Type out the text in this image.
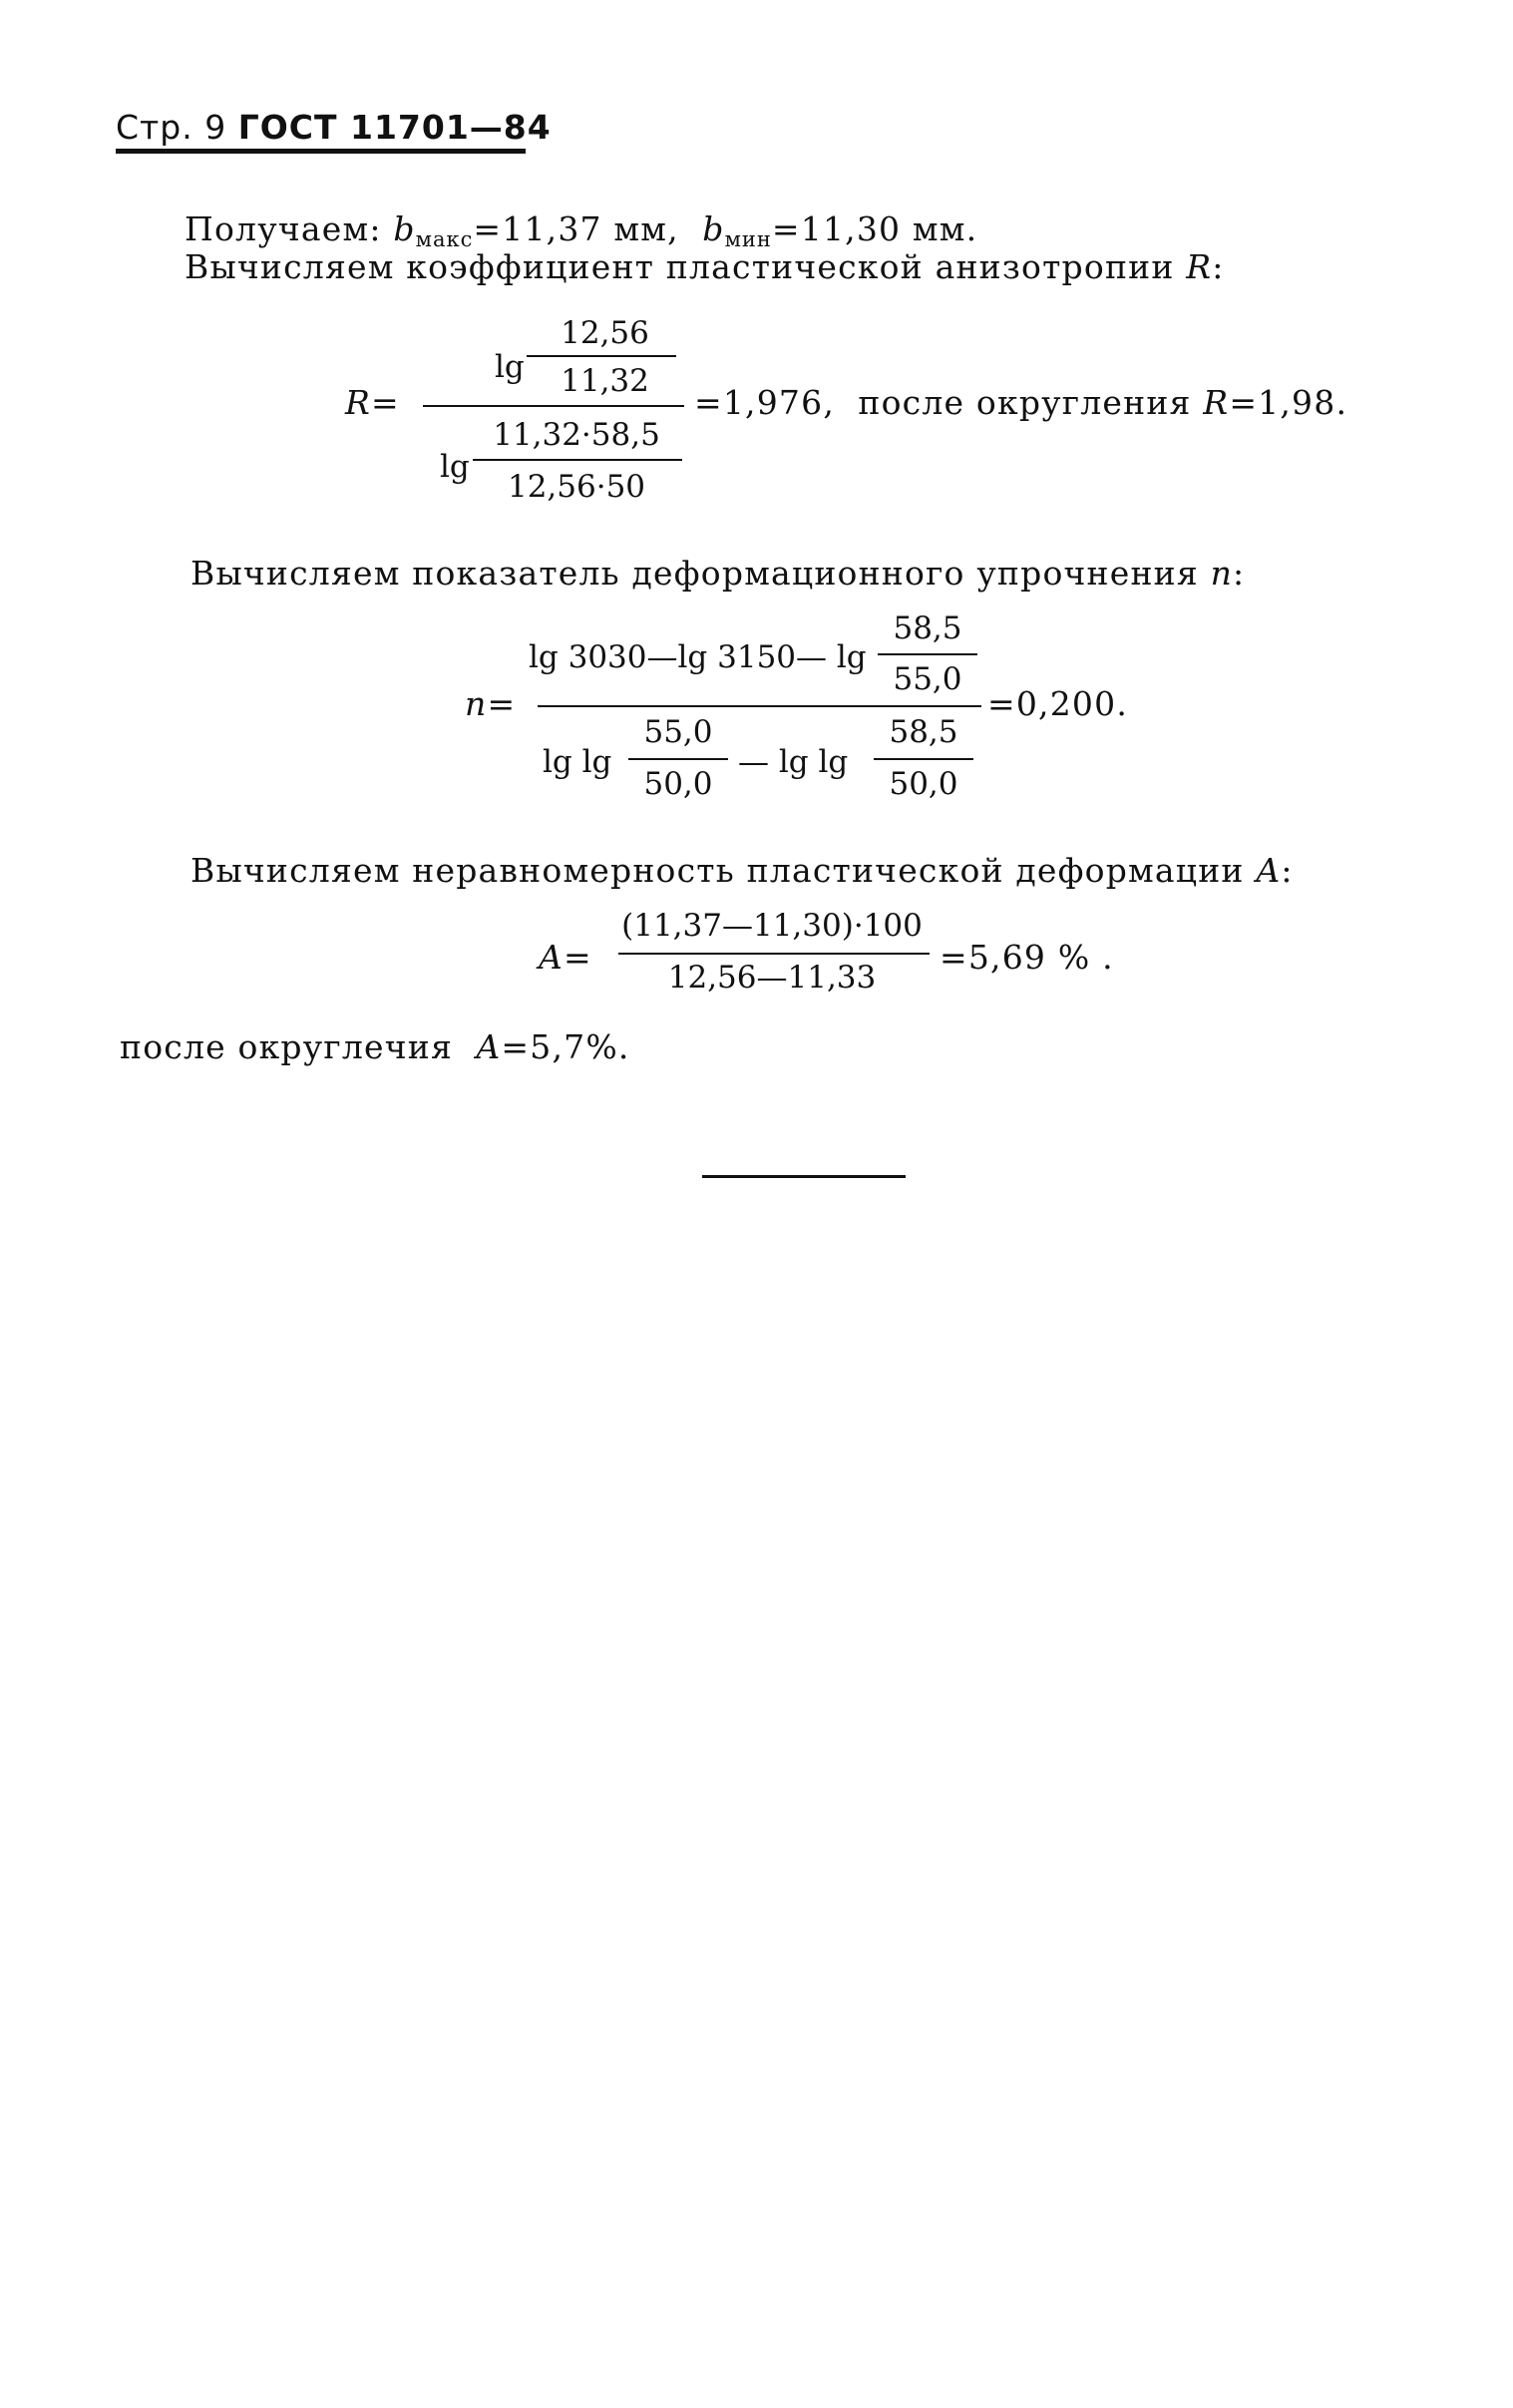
Стр. 9 ГОСТ 11701—84
Получаем: $b_{макс}=11,37$ мм, $b_{мин}=11,30$ мм.
Вычисляем коэффициент пластической анизотропии R:
R=
lg
12,56
11,32
lg
11,32·58,5
12,56·50
=1,976, после округления R=1,98.
Вычисляем показатель деформационного упрочнения n:
n=
lg 3030—lg 3150— lg
58,5
55,0
lg lg
55,0
50,0
— lg lg
58,5
50,0
=0,200.
Вычисляем неравномерность пластической деформации A:
A=
(11,37—11,30)·100
12,56—11,33
=5,69 % .
после округлечия A=5,7%.
